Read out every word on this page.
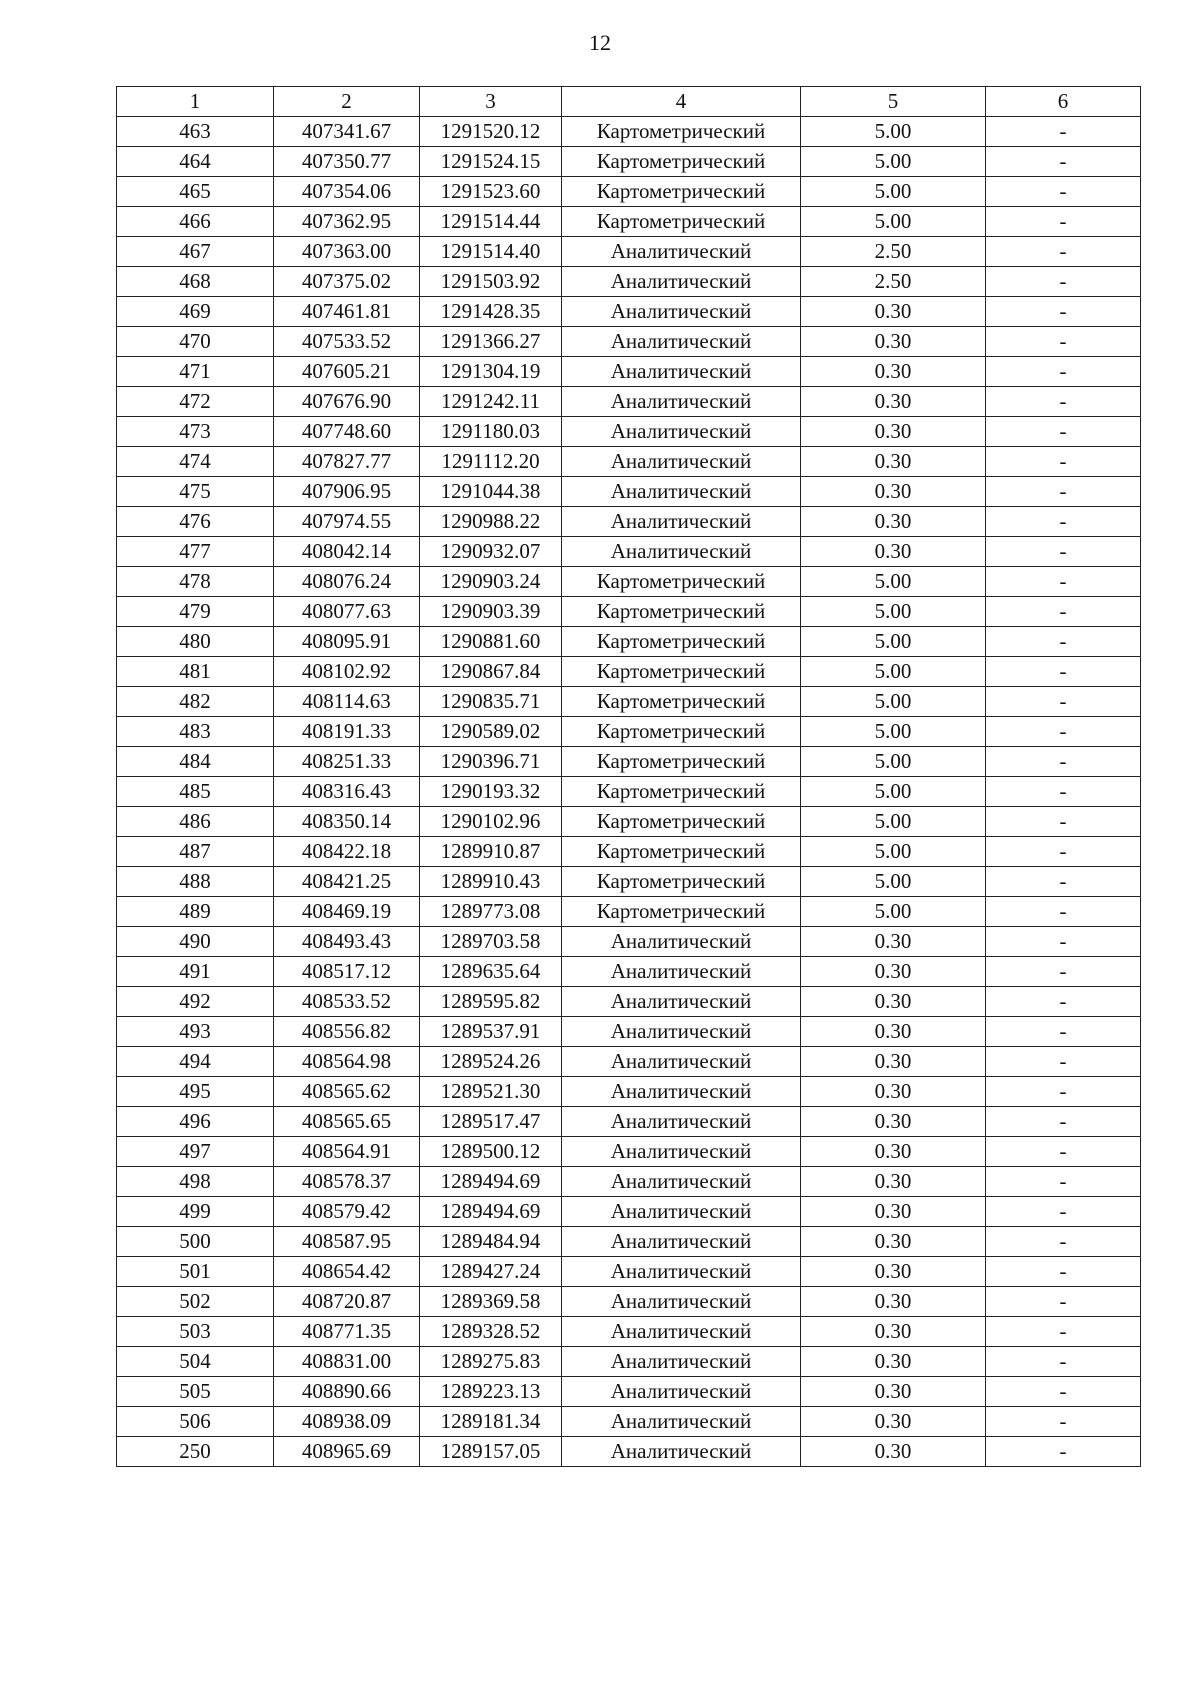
12
1	2	3	4	5	6
463	407341.67	1291520.12	Картометрический	5.00	-
464	407350.77	1291524.15	Картометрический	5.00	-
465	407354.06	1291523.60	Картометрический	5.00	-
466	407362.95	1291514.44	Картометрический	5.00	-
467	407363.00	1291514.40	Аналитический	2.50	-
468	407375.02	1291503.92	Аналитический	2.50	-
469	407461.81	1291428.35	Аналитический	0.30	-
470	407533.52	1291366.27	Аналитический	0.30	-
471	407605.21	1291304.19	Аналитический	0.30	-
472	407676.90	1291242.11	Аналитический	0.30	-
473	407748.60	1291180.03	Аналитический	0.30	-
474	407827.77	1291112.20	Аналитический	0.30	-
475	407906.95	1291044.38	Аналитический	0.30	-
476	407974.55	1290988.22	Аналитический	0.30	-
477	408042.14	1290932.07	Аналитический	0.30	-
478	408076.24	1290903.24	Картометрический	5.00	-
479	408077.63	1290903.39	Картометрический	5.00	-
480	408095.91	1290881.60	Картометрический	5.00	-
481	408102.92	1290867.84	Картометрический	5.00	-
482	408114.63	1290835.71	Картометрический	5.00	-
483	408191.33	1290589.02	Картометрический	5.00	-
484	408251.33	1290396.71	Картометрический	5.00	-
485	408316.43	1290193.32	Картометрический	5.00	-
486	408350.14	1290102.96	Картометрический	5.00	-
487	408422.18	1289910.87	Картометрический	5.00	-
488	408421.25	1289910.43	Картометрический	5.00	-
489	408469.19	1289773.08	Картометрический	5.00	-
490	408493.43	1289703.58	Аналитический	0.30	-
491	408517.12	1289635.64	Аналитический	0.30	-
492	408533.52	1289595.82	Аналитический	0.30	-
493	408556.82	1289537.91	Аналитический	0.30	-
494	408564.98	1289524.26	Аналитический	0.30	-
495	408565.62	1289521.30	Аналитический	0.30	-
496	408565.65	1289517.47	Аналитический	0.30	-
497	408564.91	1289500.12	Аналитический	0.30	-
498	408578.37	1289494.69	Аналитический	0.30	-
499	408579.42	1289494.69	Аналитический	0.30	-
500	408587.95	1289484.94	Аналитический	0.30	-
501	408654.42	1289427.24	Аналитический	0.30	-
502	408720.87	1289369.58	Аналитический	0.30	-
503	408771.35	1289328.52	Аналитический	0.30	-
504	408831.00	1289275.83	Аналитический	0.30	-
505	408890.66	1289223.13	Аналитический	0.30	-
506	408938.09	1289181.34	Аналитический	0.30	-
250	408965.69	1289157.05	Аналитический	0.30	-
